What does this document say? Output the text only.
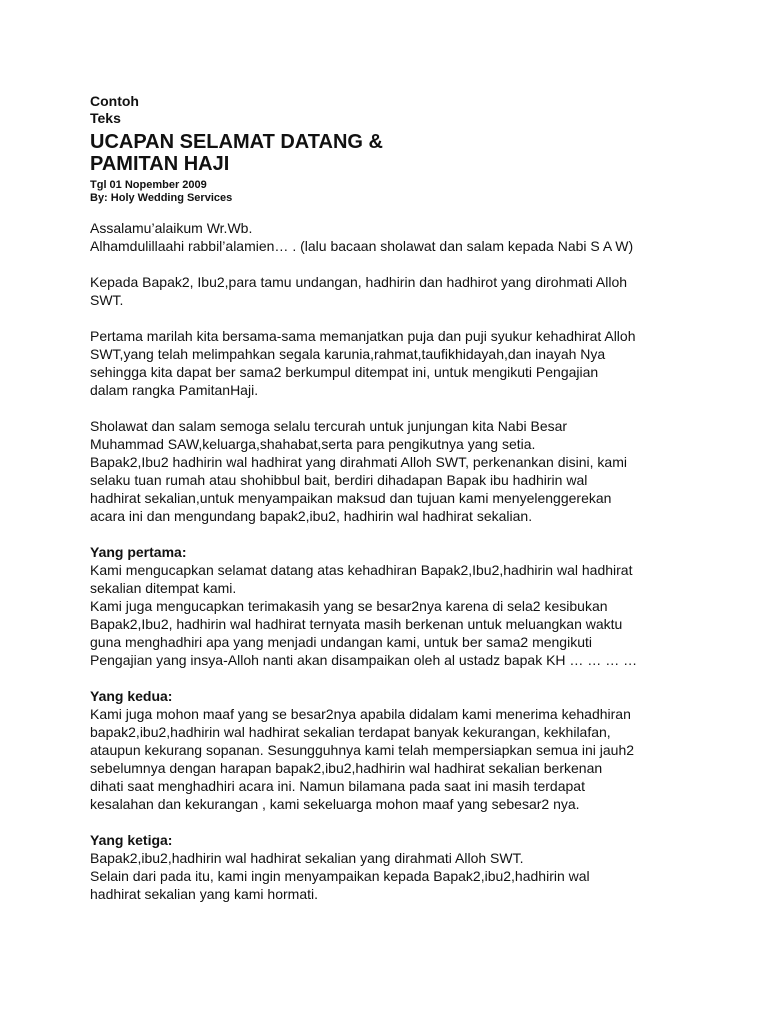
Contoh

Teks

UCAPAN SELAMAT DATANG &

PAMITAN HAJI

Tgl 01 Nopember 2009

By: Holy Wedding Services

Assalamu’alaikum Wr.Wb.
Alhamdulillaahi rabbil’alamien… . (lalu bacaan sholawat dan salam kepada Nabi S A W)
Kepada Bapak2, Ibu2,para tamu undangan, hadhirin dan hadhirot yang dirohmati Alloh
SWT.
Pertama marilah kita bersama-sama memanjatkan puja dan puji syukur kehadhirat Alloh
SWT,yang telah melimpahkan segala karunia,rahmat,taufikhidayah,dan inayah Nya
sehingga kita dapat ber sama2 berkumpul ditempat ini, untuk mengikuti Pengajian
dalam rangka PamitanHaji.
Sholawat dan salam semoga selalu tercurah untuk junjungan kita Nabi Besar
Muhammad SAW,keluarga,shahabat,serta para pengikutnya yang setia.
Bapak2,Ibu2 hadhirin wal hadhirat yang dirahmati Alloh SWT, perkenankan disini, kami
selaku tuan rumah atau shohibbul bait, berdiri dihadapan Bapak ibu hadhirin wal
hadhirat sekalian,untuk menyampaikan maksud dan tujuan kami menyelenggerekan
acara ini dan mengundang bapak2,ibu2, hadhirin wal hadhirat sekalian.

Yang pertama:

Kami mengucapkan selamat datang atas kehadhiran Bapak2,Ibu2,hadhirin wal hadhirat
sekalian ditempat kami.
Kami juga mengucapkan terimakasih yang se besar2nya karena di sela2 kesibukan
Bapak2,Ibu2, hadhirin wal hadhirat ternyata masih berkenan untuk meluangkan waktu
guna menghadhiri apa yang menjadi undangan kami, untuk ber sama2 mengikuti
Pengajian yang insya-Alloh nanti akan disampaikan oleh al ustadz bapak KH … … … …

Yang kedua:

Kami juga mohon maaf yang se besar2nya apabila didalam kami menerima kehadhiran
bapak2,ibu2,hadhirin wal hadhirat sekalian terdapat banyak kekurangan, kekhilafan,
ataupun kekurang sopanan. Sesungguhnya kami telah mempersiapkan semua ini jauh2
sebelumnya dengan harapan bapak2,ibu2,hadhirin wal hadhirat sekalian berkenan
dihati saat menghadhiri acara ini. Namun bilamana pada saat ini masih terdapat
kesalahan dan kekurangan , kami sekeluarga mohon maaf yang sebesar2 nya.

Yang ketiga:

Bapak2,ibu2,hadhirin wal hadhirat sekalian yang dirahmati Alloh SWT.
Selain dari pada itu, kami ingin menyampaikan kepada Bapak2,ibu2,hadhirin wal
hadhirat sekalian yang kami hormati.
